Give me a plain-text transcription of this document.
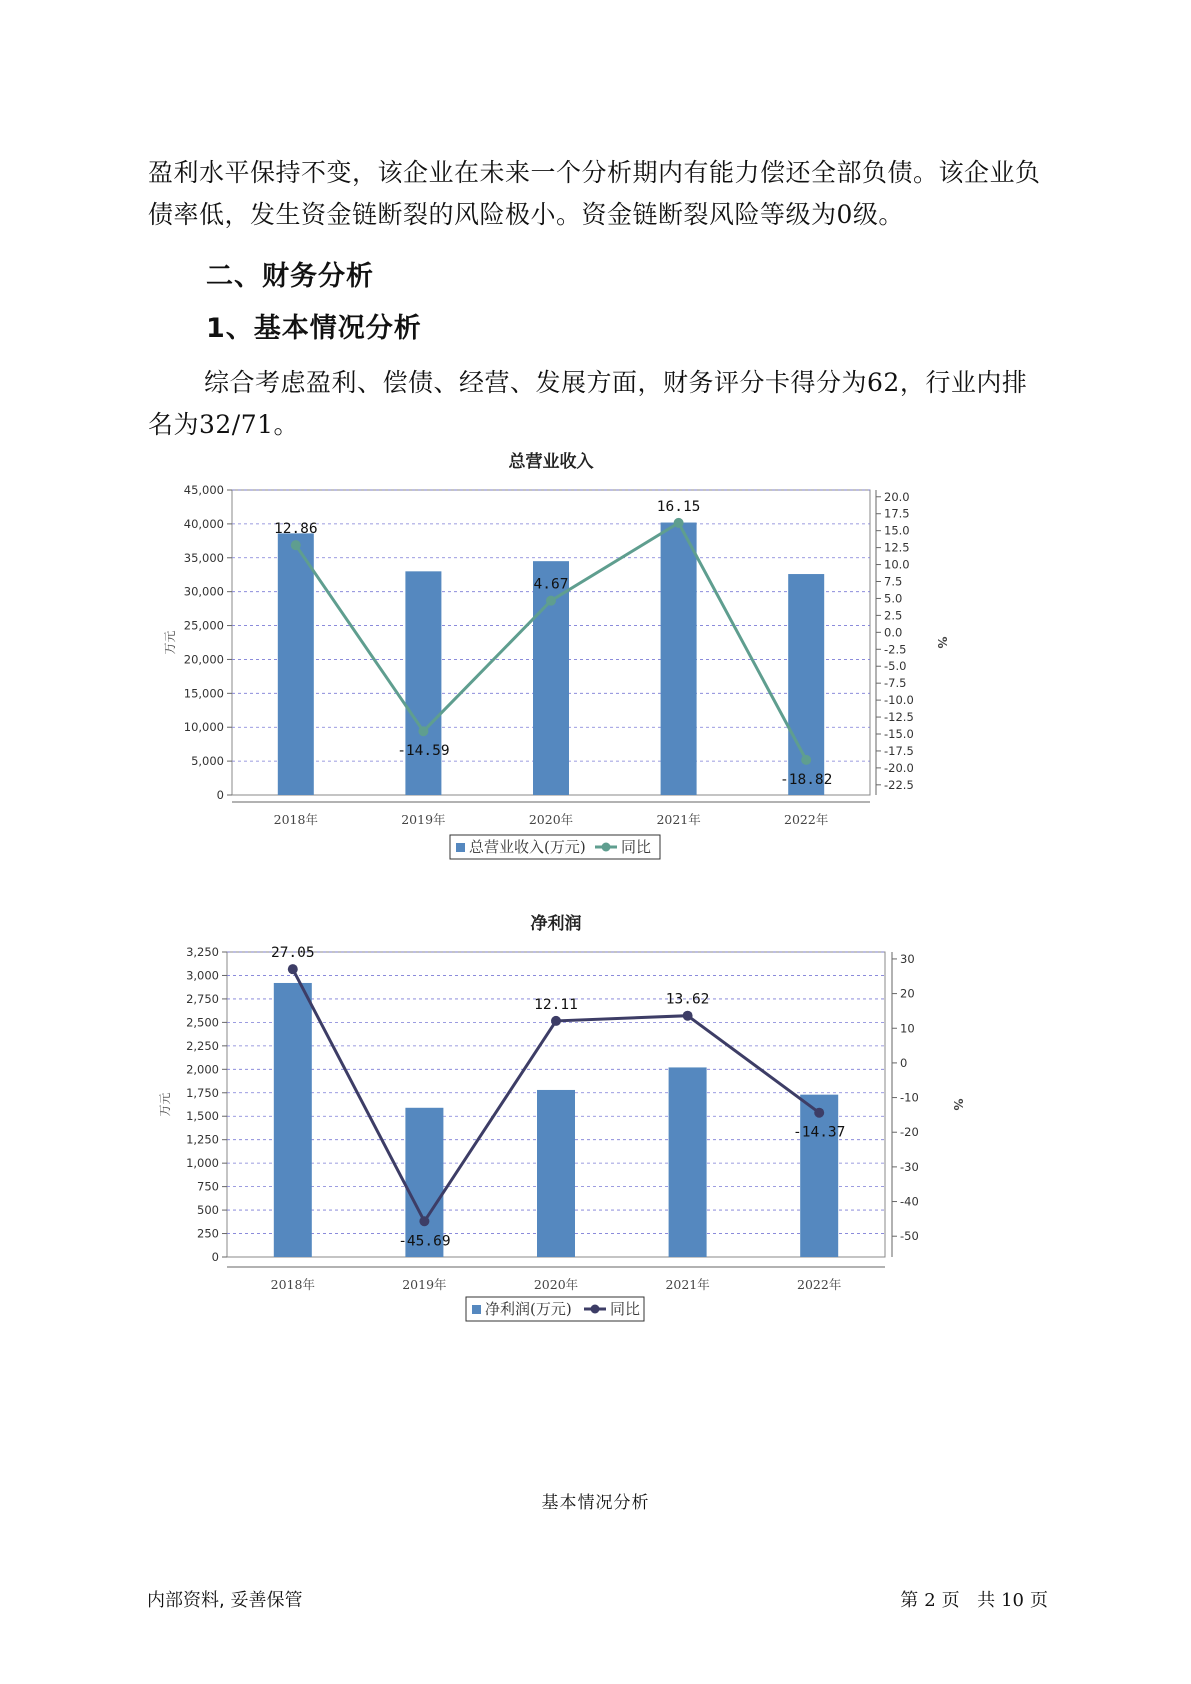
盈利水平保持不变，该企业在未来一个分析期内有能力偿还全部负债。该企业负债率低，发生资金链断裂的风险极小。资金链断裂风险等级为0级。

二、财务分析
1、基本情况分析

综合考虑盈利、偿债、经营、发展方面，财务评分卡得分为62，行业内排名为32/71。

总营业收入
0
5,000
10,000
15,000
20,000
25,000
30,000
35,000
40,000
45,000
万元
-22.5
-20.0
-17.5
-15.0
-12.5
-10.0
-7.5
-5.0
-2.5
0.0
2.5
5.0
7.5
10.0
12.5
15.0
17.5
20.0
%
2018年	2019年	2020年	2021年	2022年
12.86
-14.59
4.67
16.15
-18.82
总营业收入(万元) 同比
净利润
0
250
500
750
1,000
1,250
1,500
1,750
2,000
2,250
2,500
2,750
3,000
3,250
万元
-50
-40
-30
-20
-10
0
10
20
30
%
2018年	2019年	2020年	2021年	2022年
27.05
-45.69
12.11	13.62
-14.37
净利润(万元)	同比

基本情况分析

内部资料, 妥善保管	第 2 页 共 10 页
